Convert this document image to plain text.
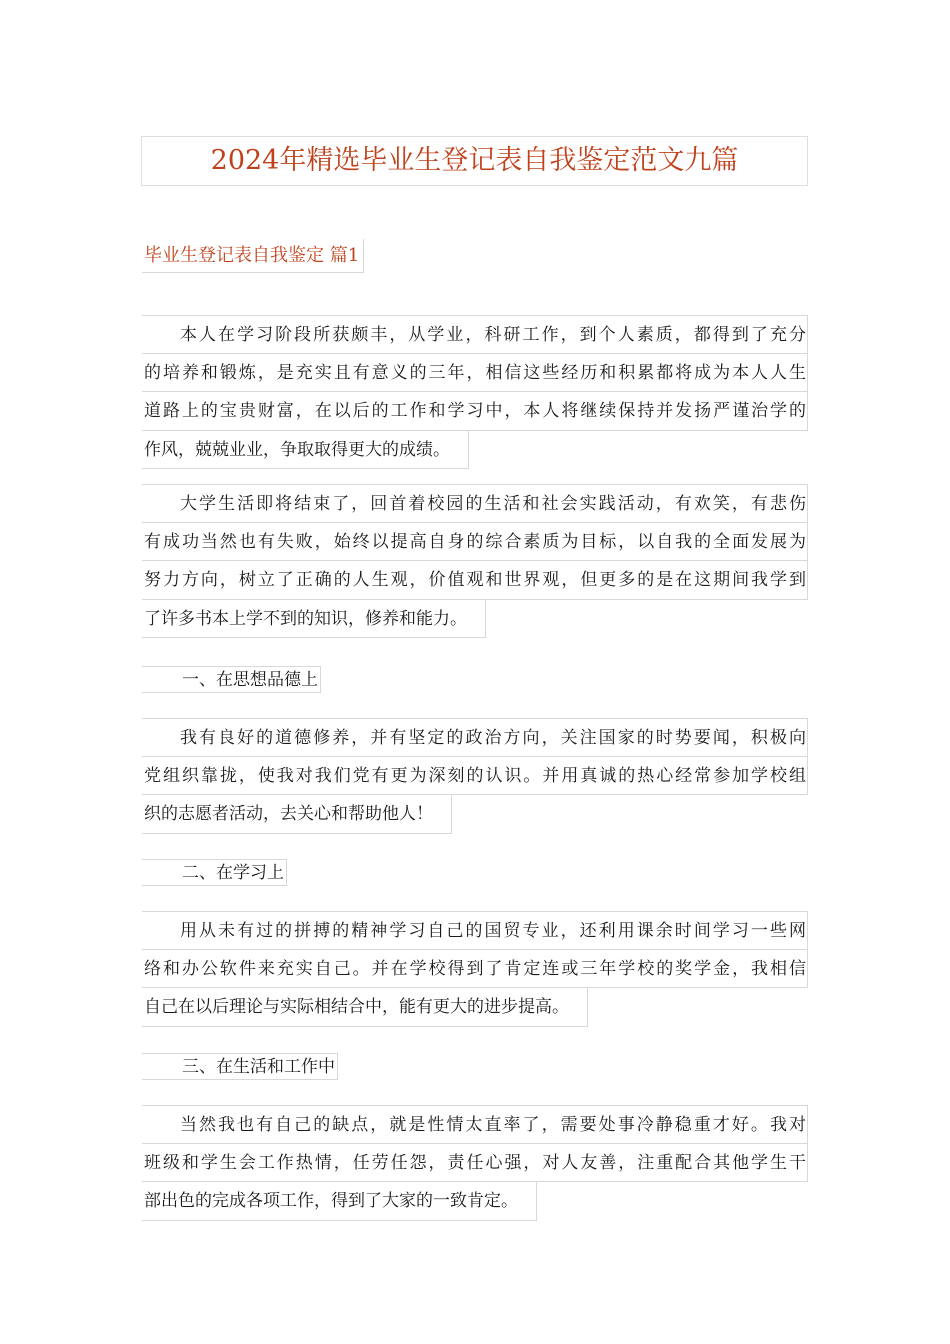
2024年精选毕业生登记表自我鉴定范文九篇
毕业生登记表自我鉴定 篇1
本人在学习阶段所获颇丰，从学业，科研工作，到个人素质，都得到了充分
的培养和锻炼，是充实且有意义的三年，相信这些经历和积累都将成为本人人生
道路上的宝贵财富，在以后的工作和学习中，本人将继续保持并发扬严谨治学的
作风，兢兢业业，争取取得更大的成绩。
大学生活即将结束了，回首着校园的生活和社会实践活动，有欢笑，有悲伤
有成功当然也有失败，始终以提高自身的综合素质为目标，以自我的全面发展为
努力方向，树立了正确的人生观，价值观和世界观，但更多的是在这期间我学到
了许多书本上学不到的知识，修养和能力。
一、在思想品德上
我有良好的道德修养，并有坚定的政治方向，关注国家的时势要闻，积极向
党组织靠拢，使我对我们党有更为深刻的认识。并用真诚的热心经常参加学校组
织的志愿者活动，去关心和帮助他人！
二、在学习上
用从未有过的拼搏的精神学习自己的国贸专业，还利用课余时间学习一些网
络和办公软件来充实自己。并在学校得到了肯定连或三年学校的奖学金，我相信
自己在以后理论与实际相结合中，能有更大的进步提高。
三、在生活和工作中
当然我也有自己的缺点，就是性情太直率了，需要处事冷静稳重才好。我对
班级和学生会工作热情，任劳任怨，责任心强，对人友善，注重配合其他学生干
部出色的完成各项工作，得到了大家的一致肯定。
